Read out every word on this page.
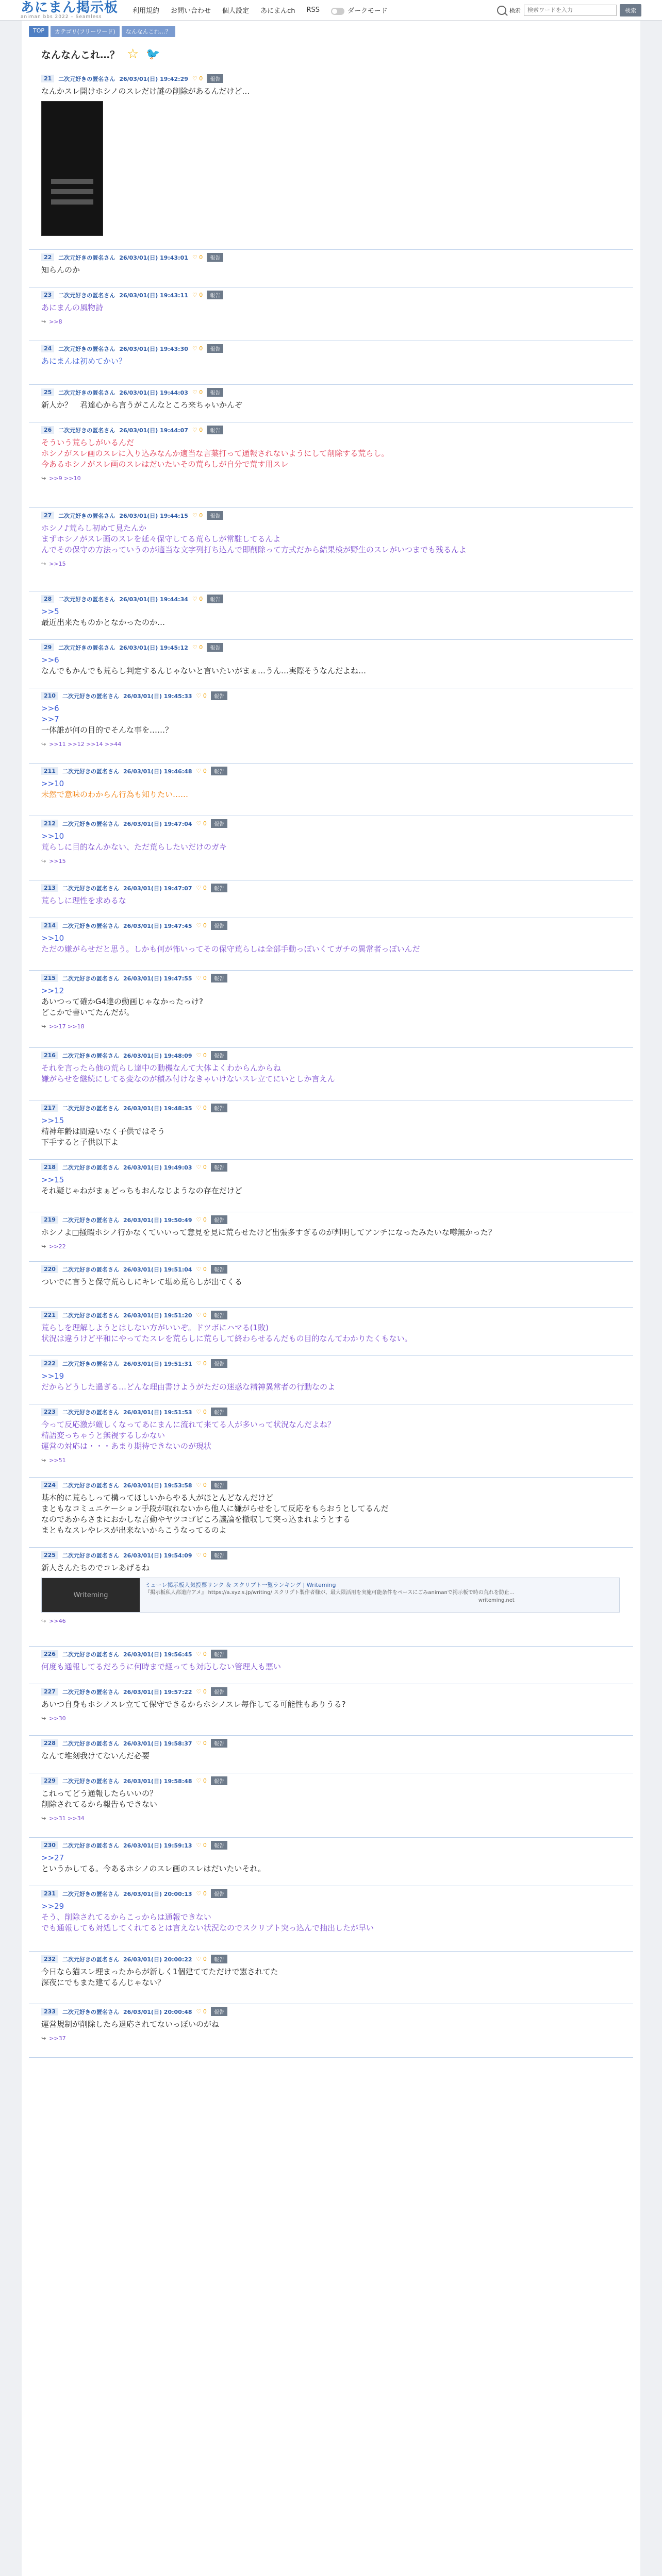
あにまん掲示板
animan bbs 2022 – Seamless
利用規約 お問い合わせ 個人設定 あにまんch RSS	ダークモード	検索
検索ワードを入力	検索
TOP	カテゴリ(フリーワード)	なんなんこれ…？
なんなんこれ…？ ☆ 🐦
21	二次元好きの匿名さん 26/03/01(日) 19:42:29 ♡ 0	報告
なんかスレ開けホシノのスレだけ謎の削除があるんだけど…
22	二次元好きの匿名さん 26/03/01(日) 19:43:01 ♡ 0	報告
知らんのか
23	二次元好きの匿名さん 26/03/01(日) 19:43:11 ♡ 0	報告
あにまんの風物詩
↪ >>8
24	二次元好きの匿名さん 26/03/01(日) 19:43:30 ♡ 0	報告
あにまんは初めてかい？
25	二次元好きの匿名さん 26/03/01(日) 19:44:03 ♡ 0	報告
新人か？　君達心から言うがこんなところ来ちゃいかんぞ
26	二次元好きの匿名さん 26/03/01(日) 19:44:07 ♡ 0	報告
そういう荒らしがいるんだ
ホシノがスレ画のスレに入り込みなんか適当な言葉打って通報されないようにして削除する荒らし。
今あるホシノがスレ画のスレはだいたいその荒らしが自分で荒す用スレ
↪ >>9 >>10
27	二次元好きの匿名さん 26/03/01(日) 19:44:15 ♡ 0	報告
ホシノ♪荒らし初めて見たんか
まずホシノがスレ画のスレを延々保守してる荒らしが常駐してるんよ
んでその保守の方法っていうのが適当な文字列打ち込んで即削除って方式だから結果検が野生のスレがいつまでも残るんよ
↪ >>15
28	二次元好きの匿名さん 26/03/01(日) 19:44:34 ♡ 0	報告
>>5
最近出来たものかとなかったのか…
29	二次元好きの匿名さん 26/03/01(日) 19:45:12 ♡ 0	報告
>>6
なんでもかんでも荒らし判定するんじゃないと言いたいがまぁ…うん…実際そうなんだよね…
210	二次元好きの匿名さん 26/03/01(日) 19:45:33 ♡ 0	報告
>>6
>>7
一体誰が何の目的でそんな事を……？
↪ >>11 >>12 >>14 >>44
211	二次元好きの匿名さん 26/03/01(日) 19:46:48 ♡ 0	報告
>>10
未然で意味のわからん行為も知りたい……
212	二次元好きの匿名さん 26/03/01(日) 19:47:04 ♡ 0	報告
>>10
荒らしに目的なんかない、ただ荒らしたいだけのガキ
↪ >>15
213	二次元好きの匿名さん 26/03/01(日) 19:47:07 ♡ 0	報告
荒らしに理性を求めるな
214	二次元好きの匿名さん 26/03/01(日) 19:47:45 ♡ 0	報告
>>10
ただの嫌がらせだと思う。しかも何が怖いってその保守荒らしは全部手動っぽいくてガチの異常者っぽいんだ
215	二次元好きの匿名さん 26/03/01(日) 19:47:55 ♡ 0	報告
>>12
あいつって確かG4達の動画じゃなかったっけ?
どこかで書いてたんだが。
↪ >>17 >>18
216	二次元好きの匿名さん 26/03/01(日) 19:48:09 ♡ 0	報告
それを言ったら他の荒らし達中の動機なんて大体よくわからんからね
嫌がらせを継続にしてる変なのが積み付けなきゃいけないスレ立てにいとしか言えん
217	二次元好きの匿名さん 26/03/01(日) 19:48:35 ♡ 0	報告
>>15
精神年齢は間違いなく子供ではそう
下手すると子供以下よ
218	二次元好きの匿名さん 26/03/01(日) 19:49:03 ♡ 0	報告
>>15
それ疑じゃねがまぁどっちもおんなじようなの存在だけど
219	二次元好きの匿名さん 26/03/01(日) 19:50:49 ♡ 0	報告
ホシノよ□掻暇ホシノ行かなくていいって意見を見に荒らせたけど出張多すぎるのが判明してアンチになったみたいな噂無かった？
↪ >>22
220	二次元好きの匿名さん 26/03/01(日) 19:51:04 ♡ 0	報告
ついでに言うと保守荒らしにキレて堪め荒らしが出てくる
221	二次元好きの匿名さん 26/03/01(日) 19:51:20 ♡ 0	報告
荒らしを理解しようとはしない方がいいぞ。ドツボにハマる(1敗)
状況は違うけど平和にやってたスレを荒らしに荒らして終わらせるんだもの目的なんてわかりたくもない。
222	二次元好きの匿名さん 26/03/01(日) 19:51:31 ♡ 0	報告
>>19
だからどうした過ぎる…どんな理由書けようがただの迷惑な精神異常者の行動なのよ
223	二次元好きの匿名さん 26/03/01(日) 19:51:53 ♡ 0	報告
今って反応激が厳しくなってあにまんに流れて来てる人が多いって状況なんだよね？
精語変っちゃうと無視するしかない
運営の対応は・・・あまり期待できないのが現状
↪ >>51
224	二次元好きの匿名さん 26/03/01(日) 19:53:58 ♡ 0	報告
基本的に荒らしって構ってほしいからやる人がほとんどなんだけど
まともなコミュニケーション手段が取れないから他人に嫌がらせをして反応をもらおうとしてるんだ
なのであからさまにおかしな言動やヤツコゴビころ議論を撤収して突っ込まれようとする
まともなスレやレスが出来ないからこうなってるのよ
225	二次元好きの匿名さん 26/03/01(日) 19:54:09 ♡ 0	報告
新人さんたちのでコレあげるね
Writeming
ミューレ掲示板人気投票リンク ＆ スクリプト一覧ランキング | Writeming
『掲示板私人都道府アメ』 https://a.xyz.s.jp/writing/ スクリプト製作者様が、最大限活用を実施可能条件をペースにごみanimanで掲示板で時の荒れを防止…
writeming.net
↪ >>46
226	二次元好きの匿名さん 26/03/01(日) 19:56:45 ♡ 0	報告
何度も通報してるだろうに何時まで経っても対応しない管理人も悪い
227	二次元好きの匿名さん 26/03/01(日) 19:57:22 ♡ 0	報告
あいつ自身もホシノスレ立てて保守できるからホシノスレ毎作してる可能性もありうる?
↪ >>30
228	二次元好きの匿名さん 26/03/01(日) 19:58:37 ♡ 0	報告
なんて堆刻我けてないんだ必要
229	二次元好きの匿名さん 26/03/01(日) 19:58:48 ♡ 0	報告
これってどう通報したらいいの？
削除されてるから報告もできない
↪ >>31 >>34
230	二次元好きの匿名さん 26/03/01(日) 19:59:13 ♡ 0	報告
>>27
というかしてる。今あるホシノのスレ画のスレはだいたいそれ。
231	二次元好きの匿名さん 26/03/01(日) 20:00:13 ♡ 0	報告
>>29
そう、削除されてるからこっからは通報できない
でも通報しても対処してくれてるとは言えない状況なのでスクリプト突っ込んで抽出したが早い
232	二次元好きの匿名さん 26/03/01(日) 20:00:22 ♡ 0	報告
今日なら猫スレ埋まったからが新しく1個建ててただけで憲されてた
深夜にでもまた建てるんじゃない？
233	二次元好きの匿名さん 26/03/01(日) 20:00:48 ♡ 0	報告
運営規制が削除したら退応されてないっぽいのがね
↪ >>37
